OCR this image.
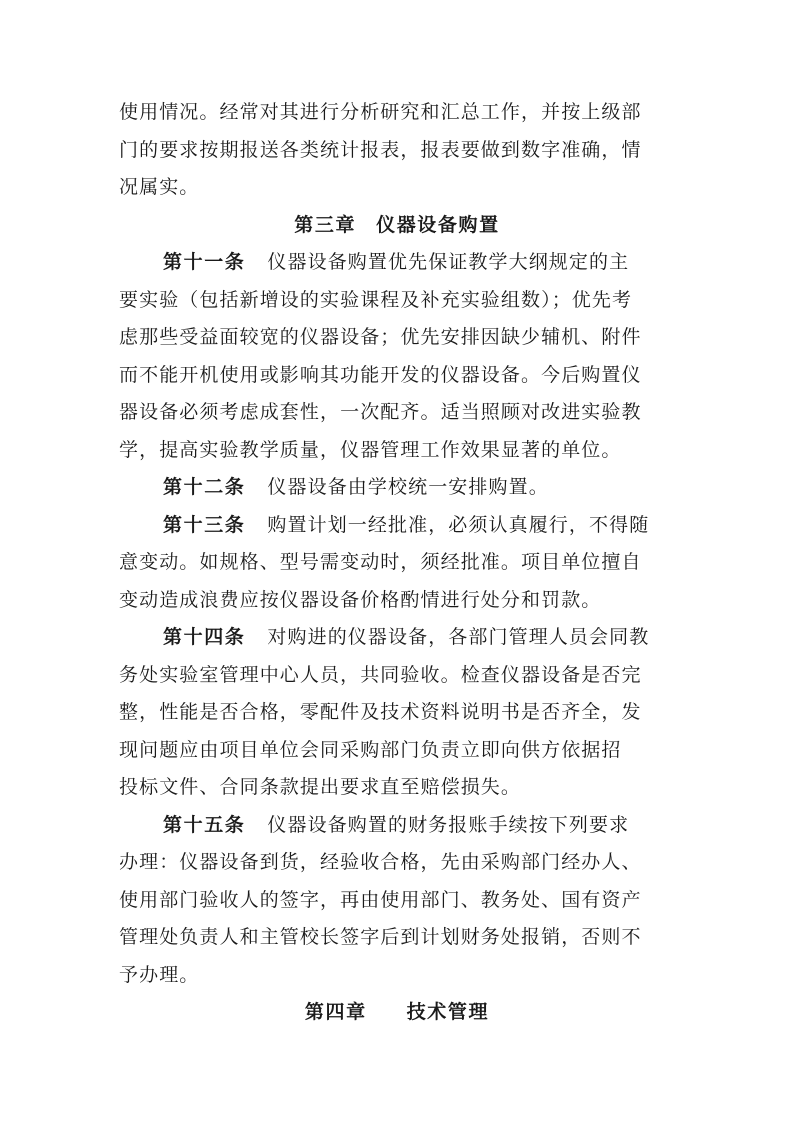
使用情况。经常对其进行分析研究和汇总工作，并按上级部
门的要求按期报送各类统计报表，报表要做到数字准确，情
况属实。
第三章 仪器设备购置
第十一条 仪器设备购置优先保证教学大纲规定的主
要实验（包括新增设的实验课程及补充实验组数）；优先考
虑那些受益面较宽的仪器设备；优先安排因缺少辅机、附件
而不能开机使用或影响其功能开发的仪器设备。今后购置仪
器设备必须考虑成套性，一次配齐。适当照顾对改进实验教
学，提高实验教学质量，仪器管理工作效果显著的单位。
第十二条 仪器设备由学校统一安排购置。
第十三条 购置计划一经批准，必须认真履行，不得随
意变动。如规格、型号需变动时，须经批准。项目单位擅自
变动造成浪费应按仪器设备价格酌情进行处分和罚款。
第十四条 对购进的仪器设备，各部门管理人员会同教
务处实验室管理中心人员，共同验收。检查仪器设备是否完
整，性能是否合格，零配件及技术资料说明书是否齐全，发
现问题应由项目单位会同采购部门负责立即向供方依据招
投标文件、合同条款提出要求直至赔偿损失。
第十五条 仪器设备购置的财务报账手续按下列要求
办理：仪器设备到货，经验收合格，先由采购部门经办人、
使用部门验收人的签字，再由使用部门、教务处、国有资产
管理处负责人和主管校长签字后到计划财务处报销，否则不
予办理。
第四章 技术管理
